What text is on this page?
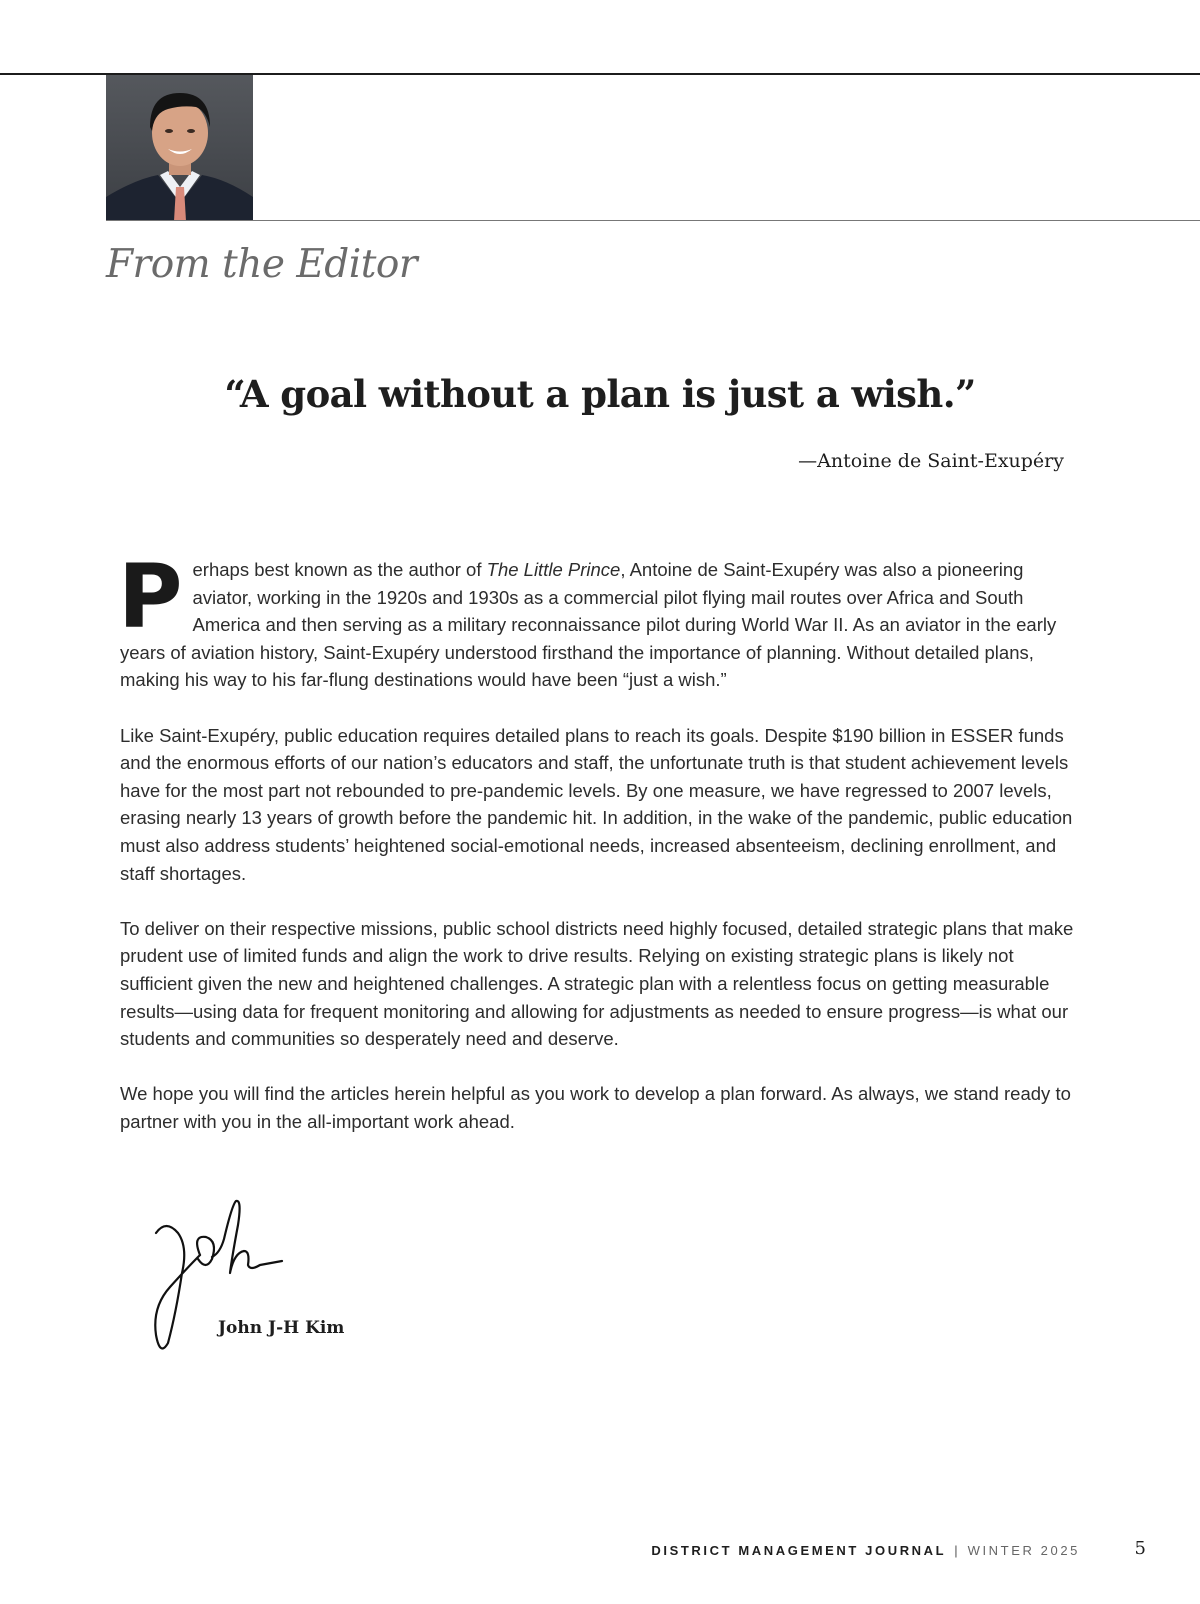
From the Editor

“A goal without a plan is just a wish.”

—Antoine de Saint-Exupéry

Perhaps best known as the author of The Little Prince, Antoine de Saint-Exupéry was also a pioneering aviator, working in the 1920s and 1930s as a commercial pilot flying mail routes over Africa and South America and then serving as a military reconnaissance pilot during World War II. As an aviator in the early years of aviation history, Saint-Exupéry understood firsthand the importance of planning. Without detailed plans, making his way to his far-flung destinations would have been “just a wish.”

Like Saint-Exupéry, public education requires detailed plans to reach its goals. Despite $190 billion in ESSER funds and the enormous efforts of our nation’s educators and staff, the unfortunate truth is that student achievement levels have for the most part not rebounded to pre-pandemic levels. By one measure, we have regressed to 2007 levels, erasing nearly 13 years of growth before the pandemic hit. In addition, in the wake of the pandemic, public education must also address students’ heightened social-emotional needs, increased absenteeism, declining enrollment, and staff shortages.

To deliver on their respective missions, public school districts need highly focused, detailed strategic plans that make prudent use of limited funds and align the work to drive results. Relying on existing strategic plans is likely not sufficient given the new and heightened challenges. A strategic plan with a relentless focus on getting measurable results—using data for frequent monitoring and allowing for adjustments as needed to ensure progress—is what our students and communities so desperately need and deserve.

We hope you will find the articles herein helpful as you work to develop a plan forward. As always, we stand ready to partner with you in the all-important work ahead.

John J-H Kim

DISTRICT MANAGEMENT JOURNAL | WINTER 2025	5
